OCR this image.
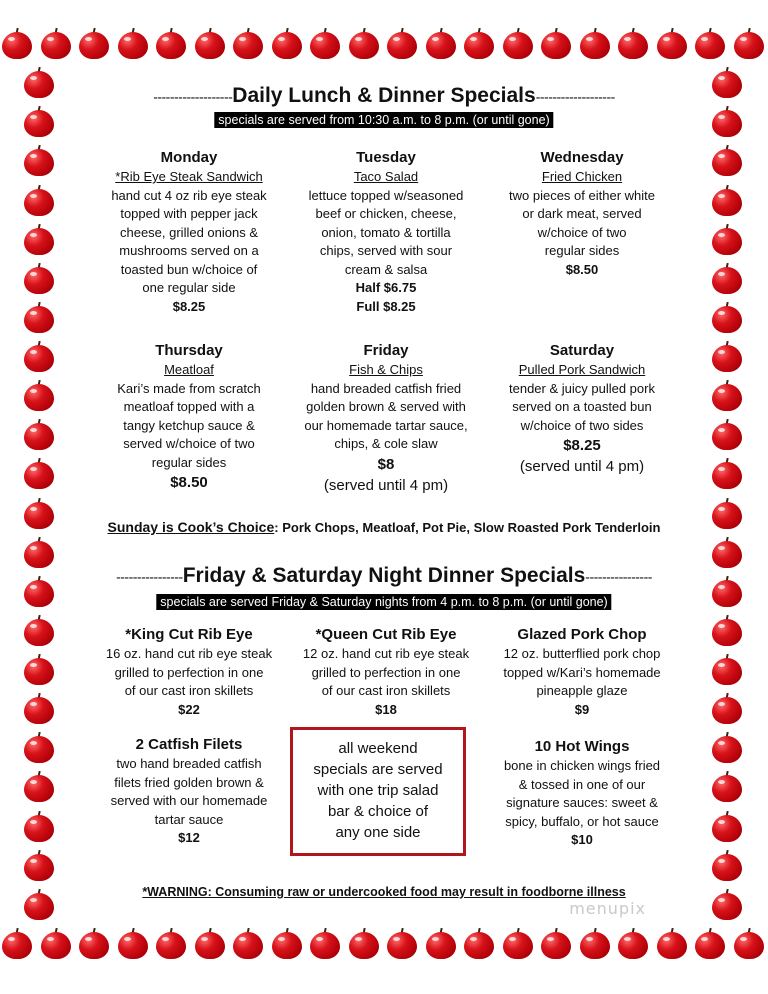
-------------------Daily Lunch & Dinner Specials-------------------
specials are served from 10:30 a.m. to 8 p.m. (or until gone)
Monday
*Rib Eye Steak Sandwich
hand cut 4 oz rib eye steak
topped with pepper jack
cheese, grilled onions &
mushrooms served on a
toasted bun w/choice of
one regular side
$8.25
Tuesday
Taco Salad
lettuce topped w/seasoned
beef or chicken, cheese,
onion, tomato & tortilla
chips, served with sour
cream & salsa
Half $6.75
Full $8.25
Wednesday
Fried Chicken
two pieces of either white
or dark meat, served
w/choice of two
regular sides
$8.50
Thursday
Meatloaf
Kari’s made from scratch
meatloaf topped with a
tangy ketchup sauce &
served w/choice of two
regular sides
$8.50
Friday
Fish & Chips
hand breaded catfish fried
golden brown & served with
our homemade tartar sauce,
chips, & cole slaw
$8
(served until 4 pm)
Saturday
Pulled Pork Sandwich
tender & juicy pulled pork
served on a toasted bun
w/choice of two sides
$8.25
(served until 4 pm)
Sunday is Cook’s Choice: Pork Chops, Meatloaf, Pot Pie, Slow Roasted Pork Tenderloin
----------------Friday & Saturday Night Dinner Specials----------------
specials are served Friday & Saturday nights from 4 p.m. to 8 p.m. (or until gone)
*King Cut Rib Eye
16 oz. hand cut rib eye steak
grilled to perfection in one
of our cast iron skillets
$22
*Queen Cut Rib Eye
12 oz. hand cut rib eye steak
grilled to perfection in one
of our cast iron skillets
$18
Glazed Pork Chop
12 oz. butterflied pork chop
topped w/Kari’s homemade
pineapple glaze
$9
2 Catfish Filets
two hand breaded catfish
filets fried golden brown &
served with our homemade
tartar sauce
$12
all weekend
specials are served
with one trip salad
bar & choice of
any one side
10 Hot Wings
bone in chicken wings fried
& tossed in one of our
signature sauces: sweet &
spicy, buffalo, or hot sauce
$10
*WARNING: Consuming raw or undercooked food may result in foodborne illness
menupix
